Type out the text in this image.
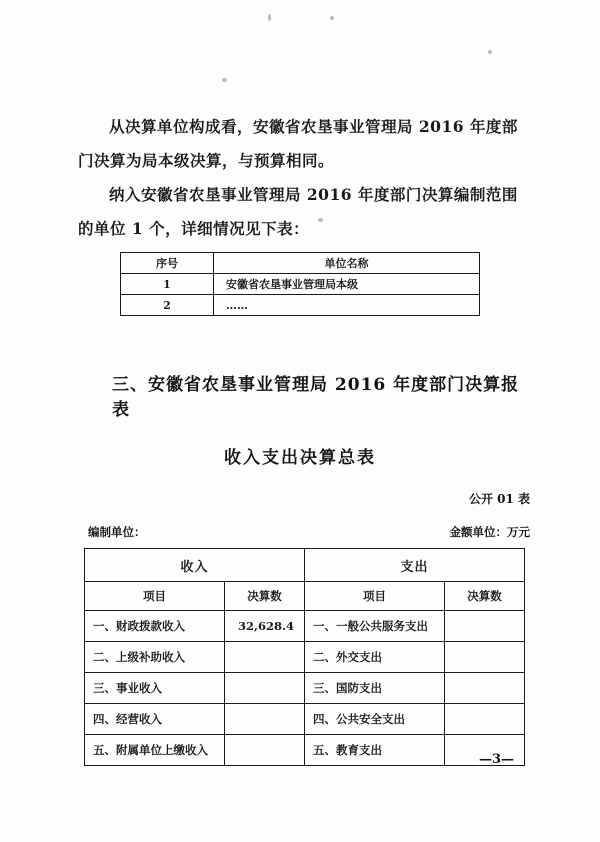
从决算单位构成看，安徽省农垦事业管理局 2016 年度部门决算为局本级决算，与预算相同。

纳入安徽省农垦事业管理局 2016 年度部门决算编制范围的单位 1 个，详细情况见下表：

序号	单位名称
1	安徽省农垦事业管理局本级
2	……
三、安徽省农垦事业管理局 2016 年度部门决算报表
收入支出决算总表
公开 01 表
编制单位：	金额单位：万元
收入		支出	
项目	决算数	项目	决算数
一、财政拨款收入	32,628.4	一、一般公共服务支出	
二、上级补助收入		二、外交支出	
三、事业收入		三、国防支出	
四、经营收入		四、公共安全支出	
五、附属单位上缴收入		五、教育支出	
—3—
